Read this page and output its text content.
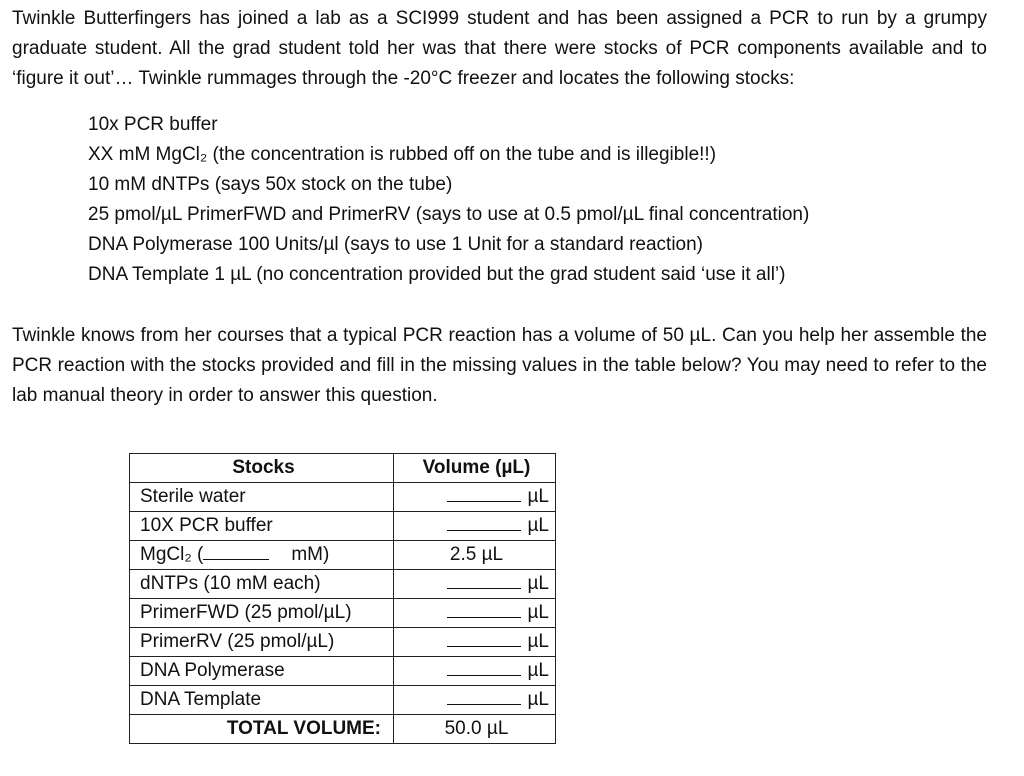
Twinkle Butterfingers has joined a lab as a SCI999 student and has been assigned a PCR to run by a grumpy graduate student. All the grad student told her was that there were stocks of PCR components available and to ‘figure it out’… Twinkle rummages through the -20°C freezer and locates the following stocks:

10x PCR buffer
XX mM MgCl₂ (the concentration is rubbed off on the tube and is illegible!!)
10 mM dNTPs (says 50x stock on the tube)
25 pmol/µL PrimerFWD and PrimerRV (says to use at 0.5 pmol/µL final concentration)
DNA Polymerase 100 Units/µl (says to use 1 Unit for a standard reaction)
DNA Template 1 µL (no concentration provided but the grad student said ‘use it all’)

Twinkle knows from her courses that a typical PCR reaction has a volume of 50 µL. Can you help her assemble the PCR reaction with the stocks provided and fill in the missing values in the table below? You may need to refer to the lab manual theory in order to answer this question.

Stocks	Volume (µL)
Sterile water	µL
10X PCR buffer	µL
MgCl₂ ( mM)	2.5 µL
dNTPs (10 mM each)	µL
PrimerFWD (25 pmol/µL)	µL
PrimerRV (25 pmol/µL)	µL
DNA Polymerase	µL
DNA Template	µL
TOTAL VOLUME:	50.0 µL
